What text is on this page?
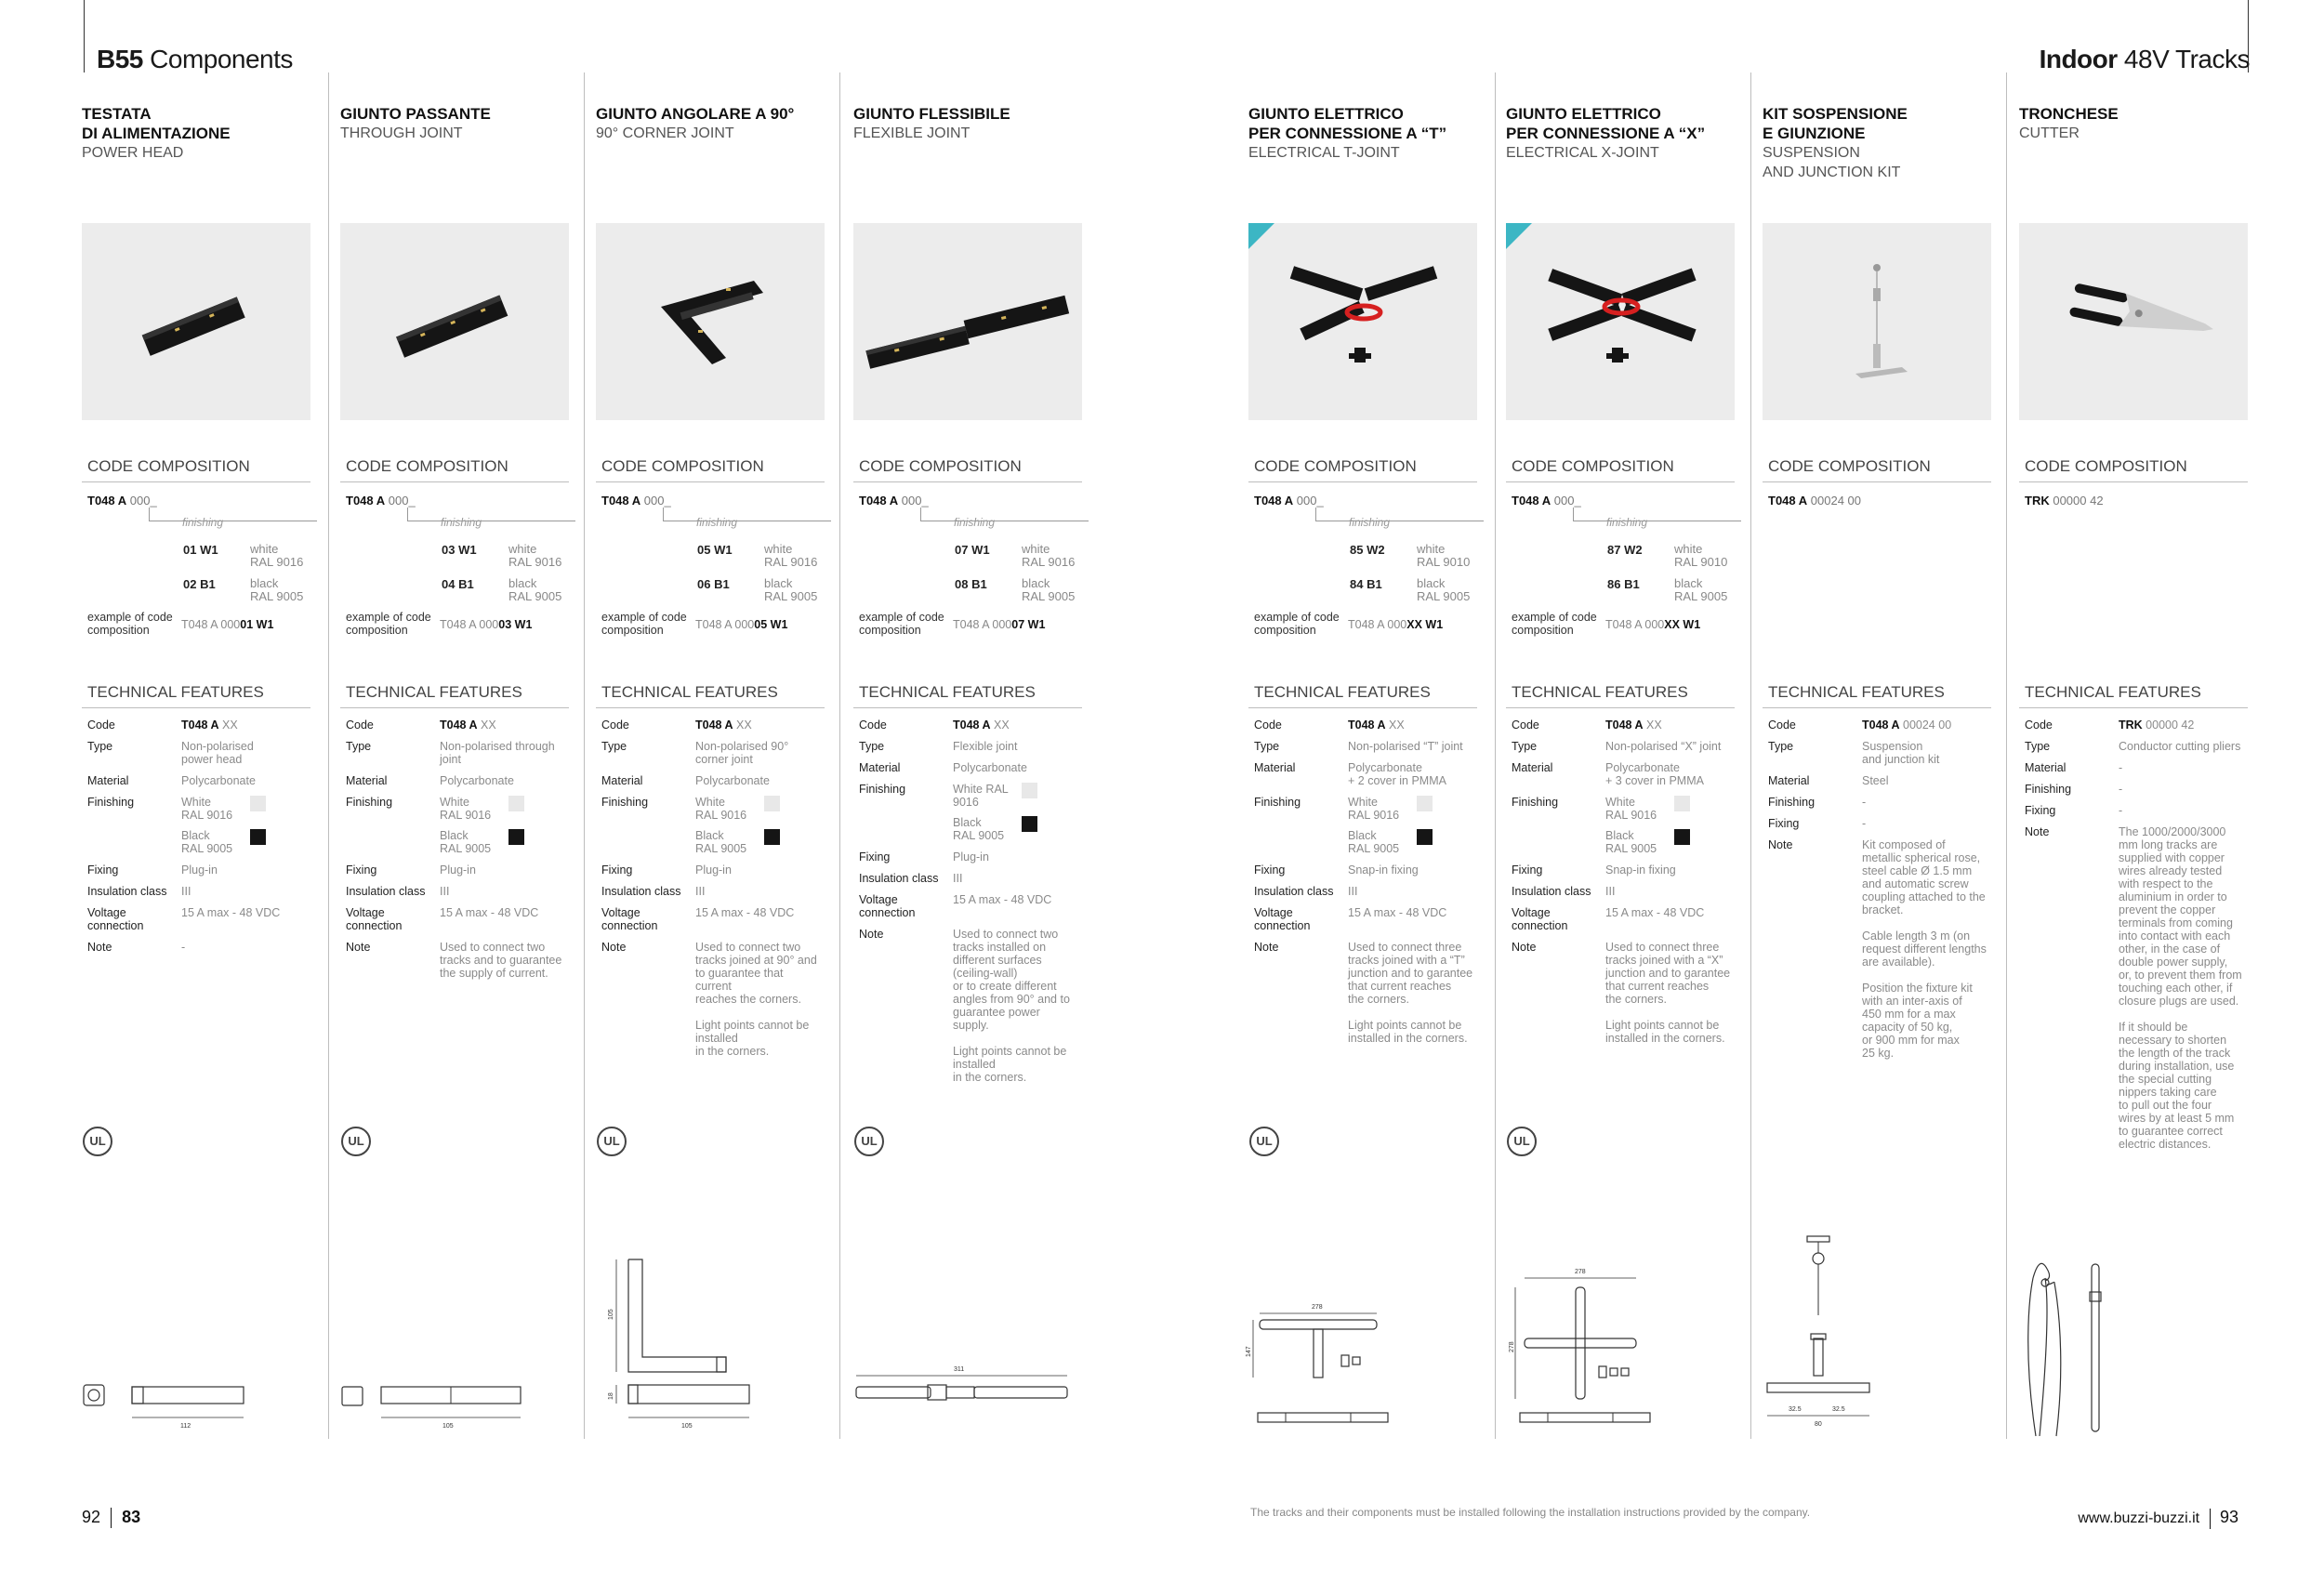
B55 Components	Indoor 48V Tracks
TESTATA
DI ALIMENTAZIONE
POWER HEAD
CODE COMPOSITION
T048 A 000_
finishing
01 W1	white
RAL 9016
02 B1	black
RAL 9005
example of code
composition	T048 A 00001 W1
TECHNICAL FEATURES
Code	T048 A XX
Type	Non-polarised
power head
Material	Polycarbonate
Finishing	White
RAL 9016
Black
RAL 9005
Fixing	Plug-in
Insulation class	III
Voltage
connection
15 A max - 48 VDC
Note	-
UL
112
GIUNTO PASSANTE
THROUGH JOINT
CODE COMPOSITION
T048 A 000_
finishing
03 W1	white
RAL 9016
04 B1	black
RAL 9005
example of code
composition	T048 A 00003 W1
TECHNICAL FEATURES
Code	T048 A XX
Type	Non-polarised through
joint
Material	Polycarbonate
Finishing	White
RAL 9016
Black
RAL 9005
Fixing	Plug-in
Insulation class	III
Voltage
connection
15 A max - 48 VDC
Note	Used to connect two
tracks and to guarantee
the supply of current.
UL
105
GIUNTO ANGOLARE A 90°
90° CORNER JOINT
CODE COMPOSITION
T048 A 000_
finishing
05 W1	white
RAL 9016
06 B1	black
RAL 9005
example of code
composition	T048 A 00005 W1
TECHNICAL FEATURES
Code	T048 A XX
Type	Non-polarised 90°
corner joint
Material	Polycarbonate
Finishing	White
RAL 9016
Black
RAL 9005
Fixing	Plug-in
Insulation class	III
Voltage
connection
15 A max - 48 VDC
Note	Used to connect two
tracks joined at 90° and
to guarantee that current
reaches the corners.

Light points cannot be
installed
in the corners.
UL
105
18
105
GIUNTO FLESSIBILE
FLEXIBLE JOINT
CODE COMPOSITION
T048 A 000_
finishing
07 W1	white
RAL 9016
08 B1	black
RAL 9005
example of code
composition	T048 A 00007 W1
TECHNICAL FEATURES
Code	T048 A XX
Type	Flexible joint
Material	Polycarbonate
Finishing	White RAL
9016
Black
RAL 9005
Fixing	Plug-in
Insulation class	III
Voltage
connection
15 A max - 48 VDC
Note	Used to connect two
tracks installed on
different surfaces
(ceiling-wall)
or to create different
angles from 90° and to
guarantee power supply.

Light points cannot be
installed
in the corners.
UL
311
GIUNTO ELETTRICO
PER CONNESSIONE A “T”
ELECTRICAL T-JOINT
CODE COMPOSITION
T048 A 000_
finishing
85 W2	white
RAL 9010
84 B1	black
RAL 9005
example of code
composition	T048 A 000XX W1
TECHNICAL FEATURES
Code	T048 A XX
Type	Non-polarised “T” joint
Material	Polycarbonate
+ 2 cover in PMMA
Finishing	White
RAL 9016
Black
RAL 9005
Fixing	Snap-in fixing
Insulation class	III
Voltage
connection
15 A max - 48 VDC
Note	Used to connect three
tracks joined with a “T”
junction and to garantee
that current reaches
the corners.

Light points cannot be
installed in the corners.
UL
278
147
GIUNTO ELETTRICO
PER CONNESSIONE A “X”
ELECTRICAL X-JOINT
CODE COMPOSITION
T048 A 000_
finishing
87 W2	white
RAL 9010
86 B1	black
RAL 9005
example of code
composition	T048 A 000XX W1
TECHNICAL FEATURES
Code	T048 A XX
Type	Non-polarised “X” joint
Material	Polycarbonate
+ 3 cover in PMMA
Finishing	White
RAL 9016
Black
RAL 9005
Fixing	Snap-in fixing
Insulation class	III
Voltage
connection
15 A max - 48 VDC
Note	Used to connect three
tracks joined with a “X”
junction and to garantee
that current reaches
the corners.

Light points cannot be
installed in the corners.
UL
278
278
KIT SOSPENSIONE
E GIUNZIONE
SUSPENSION
AND JUNCTION KIT
CODE COMPOSITION
T048 A 00024 00
TECHNICAL FEATURES
Code	T048 A 00024 00
Type	Suspension
and junction kit
Material	Steel
Finishing	-
Fixing	-
Note	Kit composed of
metallic spherical rose,
steel cable Ø 1.5 mm
and automatic screw
coupling attached to the
bracket.

Cable length 3 m (on
request different lengths
are available).

Position the fixture kit
with an inter-axis of
450 mm for a max
capacity of 50 kg,
or 900 mm for max
25 kg.
32.5	32.5
80
TRONCHESE
CUTTER
CODE COMPOSITION
TRK 00000 42
TECHNICAL FEATURES
Code	TRK 00000 42
Type	Conductor cutting pliers
Material	-
Finishing	-
Fixing	-
Note	The 1000/2000/3000
mm long tracks are
supplied with copper
wires already tested
with respect to the
aluminium in order to
prevent the copper
terminals from coming
into contact with each
other, in the case of
double power supply,
or, to prevent them from
touching each other, if
closure plugs are used.

If it should be
necessary to shorten
the length of the track
during installation, use
the special cutting
nippers taking care
to pull out the four
wires by at least 5 mm
to guarantee correct
electric distances.
92 83	The tracks and their components must be installed following the installation instructions provided by the company.	www.buzzi-buzzi.it 93
